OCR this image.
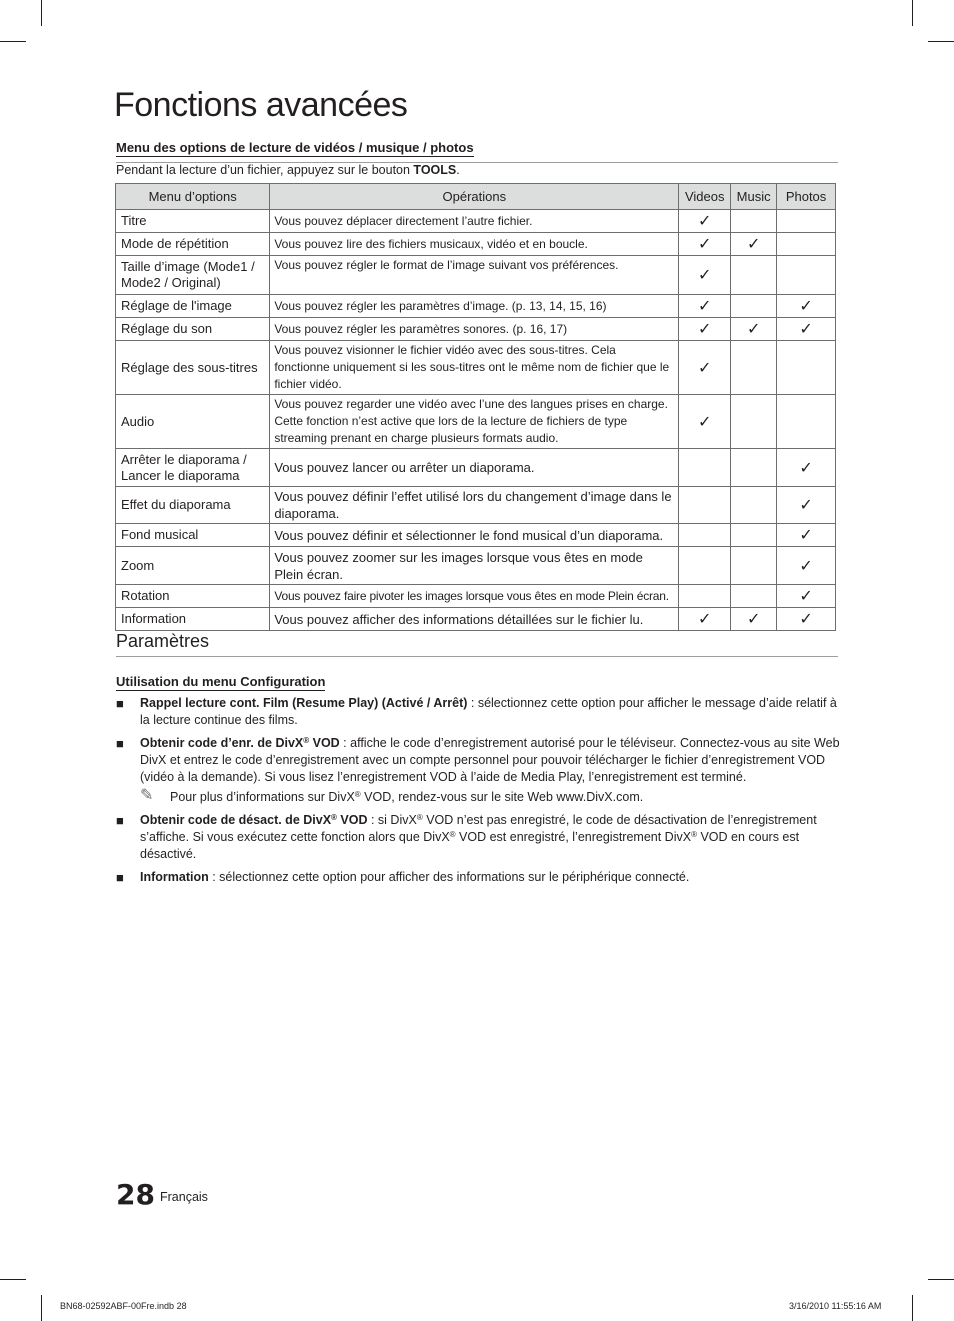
Fonctions avancées
Menu des options de lecture de vidéos / musique / photos
Pendant la lecture d’un fichier, appuyez sur le bouton TOOLS.
Menu d’options	Opérations	Videos	Music	Photos
Titre	Vous pouvez déplacer directement l’autre fichier.	✓		
Mode de répétition	Vous pouvez lire des fichiers musicaux, vidéo et en boucle.	✓	✓	
Taille d’image (Mode1 / Mode2 / Original)	Vous pouvez régler le format de l’image suivant vos préférences.	✓		
Réglage de l'image	Vous pouvez régler les paramètres d’image. (p. 13, 14, 15, 16)	✓		✓
Réglage du son	Vous pouvez régler les paramètres sonores. (p. 16, 17)	✓	✓	✓
Réglage des sous-titres	Vous pouvez visionner le fichier vidéo avec des sous-titres. Cela fonctionne uniquement si les sous-titres ont le même nom de fichier que le fichier vidéo.	✓		
Audio	Vous pouvez regarder une vidéo avec l’une des langues prises en charge. Cette fonction n’est active que lors de la lecture de fichiers de type streaming prenant en charge plusieurs formats audio.	✓		
Arrêter le diaporama / Lancer le diaporama	Vous pouvez lancer ou arrêter un diaporama.			✓
Effet du diaporama	Vous pouvez définir l’effet utilisé lors du changement d’image dans le diaporama.			✓
Fond musical	Vous pouvez définir et sélectionner le fond musical d’un diaporama.			✓
Zoom	Vous pouvez zoomer sur les images lorsque vous êtes en mode Plein écran.			✓
Rotation	Vous pouvez faire pivoter les images lorsque vous êtes en mode Plein écran.			✓
Information	Vous pouvez afficher des informations détaillées sur le fichier lu.	✓	✓	✓
Paramètres
Utilisation du menu Configuration
■ Rappel lecture cont. Film (Resume Play) (Activé / Arrêt) : sélectionnez cette option pour afficher le message d’aide relatif à la lecture continue des films.
■ Obtenir code d’enr. de DivX® VOD : affiche le code d’enregistrement autorisé pour le téléviseur. Connectez-vous au site Web DivX et entrez le code d’enregistrement avec un compte personnel pour pouvoir télécharger le fichier d’enregistrement VOD (vidéo à la demande). Si vous lisez l’enregistrement VOD à l’aide de Media Play, l’enregistrement est terminé.
✎ Pour plus d’informations sur DivX® VOD, rendez-vous sur le site Web www.DivX.com.
■ Obtenir code de désact. de DivX® VOD : si DivX® VOD n’est pas enregistré, le code de désactivation de l’enregistrement s’affiche. Si vous exécutez cette fonction alors que DivX® VOD est enregistré, l’enregistrement DivX® VOD en cours est désactivé.
■ Information : sélectionnez cette option pour afficher des informations sur le périphérique connecté.
28 Français
BN68-02592ABF-00Fre.indb 28	3/16/2010 11:55:16 AM
